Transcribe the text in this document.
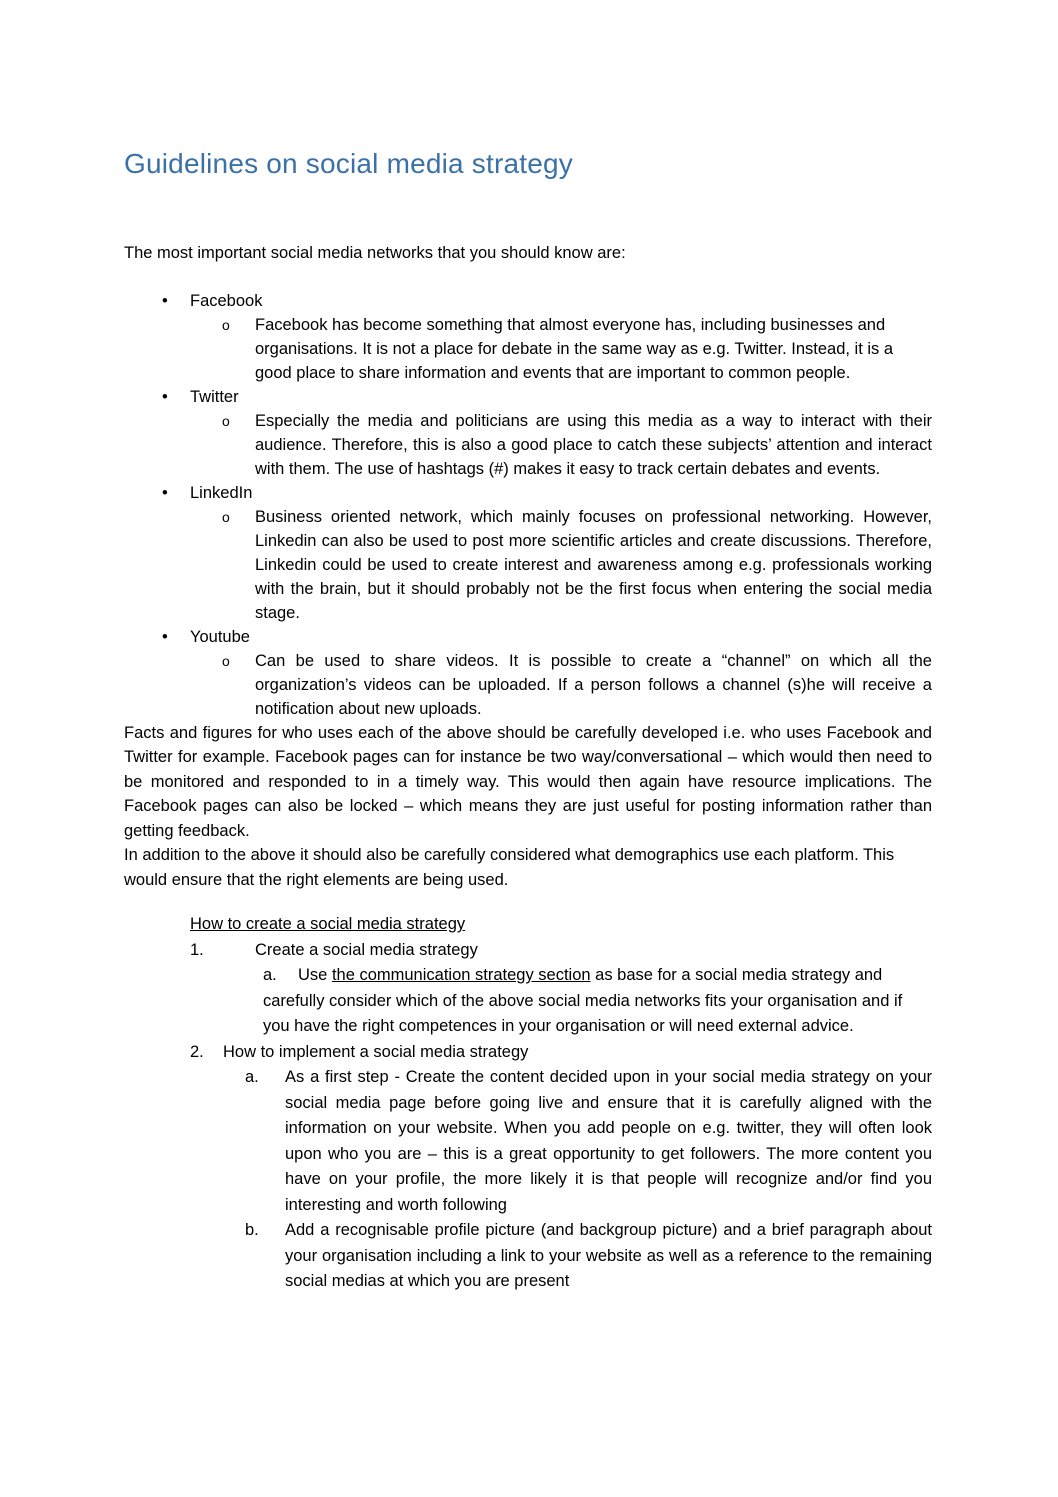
Guidelines on social media strategy

The most important social media networks that you should know are:

• Facebook
o Facebook has become something that almost everyone has, including businesses and organisations. It is not a place for debate in the same way as e.g. Twitter. Instead, it is a good place to share information and events that are important to common people.
• Twitter
o Especially the media and politicians are using this media as a way to interact with their audience. Therefore, this is also a good place to catch these subjects’ attention and interact with them. The use of hashtags (#) makes it easy to track certain debates and events.
• LinkedIn
o Business oriented network, which mainly focuses on professional networking. However, Linkedin can also be used to post more scientific articles and create discussions. Therefore, Linkedin could be used to create interest and awareness among e.g. professionals working with the brain, but it should probably not be the first focus when entering the social media stage.
• Youtube
o Can be used to share videos. It is possible to create a “channel” on which all the organization’s videos can be uploaded. If a person follows a channel (s)he will receive a notification about new uploads.

Facts and figures for who uses each of the above should be carefully developed i.e. who uses Facebook and Twitter for example. Facebook pages can for instance be two way/conversational – which would then need to be monitored and responded to in a timely way. This would then again have resource implications. The Facebook pages can also be locked – which means they are just useful for posting information rather than getting feedback.

In addition to the above it should also be carefully considered what demographics use each platform. This would ensure that the right elements are being used.

How to create a social media strategy
1.	Create a social media strategy
a. Use the communication strategy section as base for a social media strategy and carefully consider which of the above social media networks fits your organisation and if you have the right competences in your organisation or will need external advice.
2. How to implement a social media strategy
a. As a first step - Create the content decided upon in your social media strategy on your social media page before going live and ensure that it is carefully aligned with the information on your website. When you add people on e.g. twitter, they will often look upon who you are – this is a great opportunity to get followers. The more content you have on your profile, the more likely it is that people will recognize and/or find you interesting and worth following
b. Add a recognisable profile picture (and backgroup picture) and a brief paragraph about your organisation including a link to your website as well as a reference to the remaining social medias at which you are present
